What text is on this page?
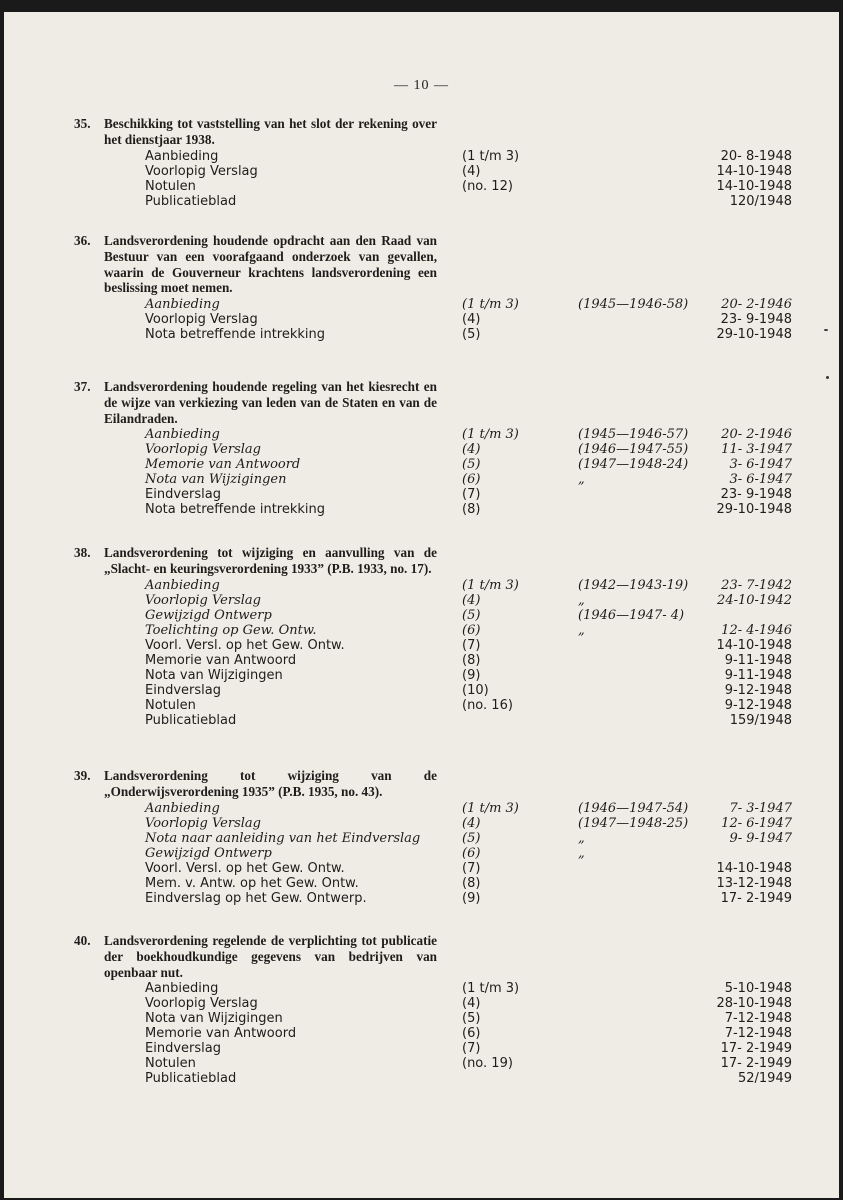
— 10 —
35. Beschikking tot vaststelling van het slot der rekening over het dienstjaar 1938.
Aanbieding	(1 t/m 3)	20- 8-1948
Voorlopig Verslag	(4)	14-10-1948
Notulen	(no. 12)	14-10-1948
Publicatieblad	120/1948
36. Landsverordening houdende opdracht aan den Raad van Bestuur van een voorafgaand onderzoek van gevallen, waarin de Gouverneur krachtens landsverordening een beslissing moet nemen.
Aanbieding	(1 t/m 3)	(1945—1946-58)	20- 2-1946
Voorlopig Verslag	(4)	23- 9-1948
Nota betreffende intrekking	(5)	29-10-1948
37. Landsverordening houdende regeling van het kiesrecht en de wijze van verkiezing van leden van de Staten en van de Eilandraden.
Aanbieding	(1 t/m 3)	(1945—1946-57)	20- 2-1946
Voorlopig Verslag	(4)	(1946—1947-55)	11- 3-1947
Memorie van Antwoord	(5)	(1947—1948-24)	3- 6-1947
Nota van Wijzigingen	(6)	„	3- 6-1947
Eindverslag	(7)	23- 9-1948
Nota betreffende intrekking	(8)	29-10-1948
38. Landsverordening tot wijziging en aanvulling van de „Slacht- en keuringsverordening 1933” (P.B. 1933, no. 17).
Aanbieding	(1 t/m 3)	(1942—1943-19)	23- 7-1942
Voorlopig Verslag	(4)	„	24-10-1942
Gewijzigd Ontwerp	(5)	(1946—1947- 4)
Toelichting op Gew. Ontw.	(6)	„	12- 4-1946
Voorl. Versl. op het Gew. Ontw.	(7)	14-10-1948
Memorie van Antwoord	(8)	9-11-1948
Nota van Wijzigingen	(9)	9-11-1948
Eindverslag	(10)	9-12-1948
Notulen	(no. 16)	9-12-1948
Publicatieblad	159/1948
39. Landsverordening tot wijziging van de „Onderwijsverordening 1935” (P.B. 1935, no. 43).
Aanbieding	(1 t/m 3)	(1946—1947-54)	7- 3-1947
Voorlopig Verslag	(4)	(1947—1948-25)	12- 6-1947
Nota naar aanleiding van het Eindverslag	(5)	„	9- 9-1947
Gewijzigd Ontwerp	(6)	„
Voorl. Versl. op het Gew. Ontw.	(7)	14-10-1948
Mem. v. Antw. op het Gew. Ontw.	(8)	13-12-1948
Eindverslag op het Gew. Ontwerp.	(9)	17- 2-1949
40. Landsverordening regelende de verplichting tot publicatie der boekhoudkundige gegevens van bedrijven van openbaar nut.
Aanbieding	(1 t/m 3)	5-10-1948
Voorlopig Verslag	(4)	28-10-1948
Nota van Wijzigingen	(5)	7-12-1948
Memorie van Antwoord	(6)	7-12-1948
Eindverslag	(7)	17- 2-1949
Notulen	(no. 19)	17- 2-1949
Publicatieblad	52/1949
